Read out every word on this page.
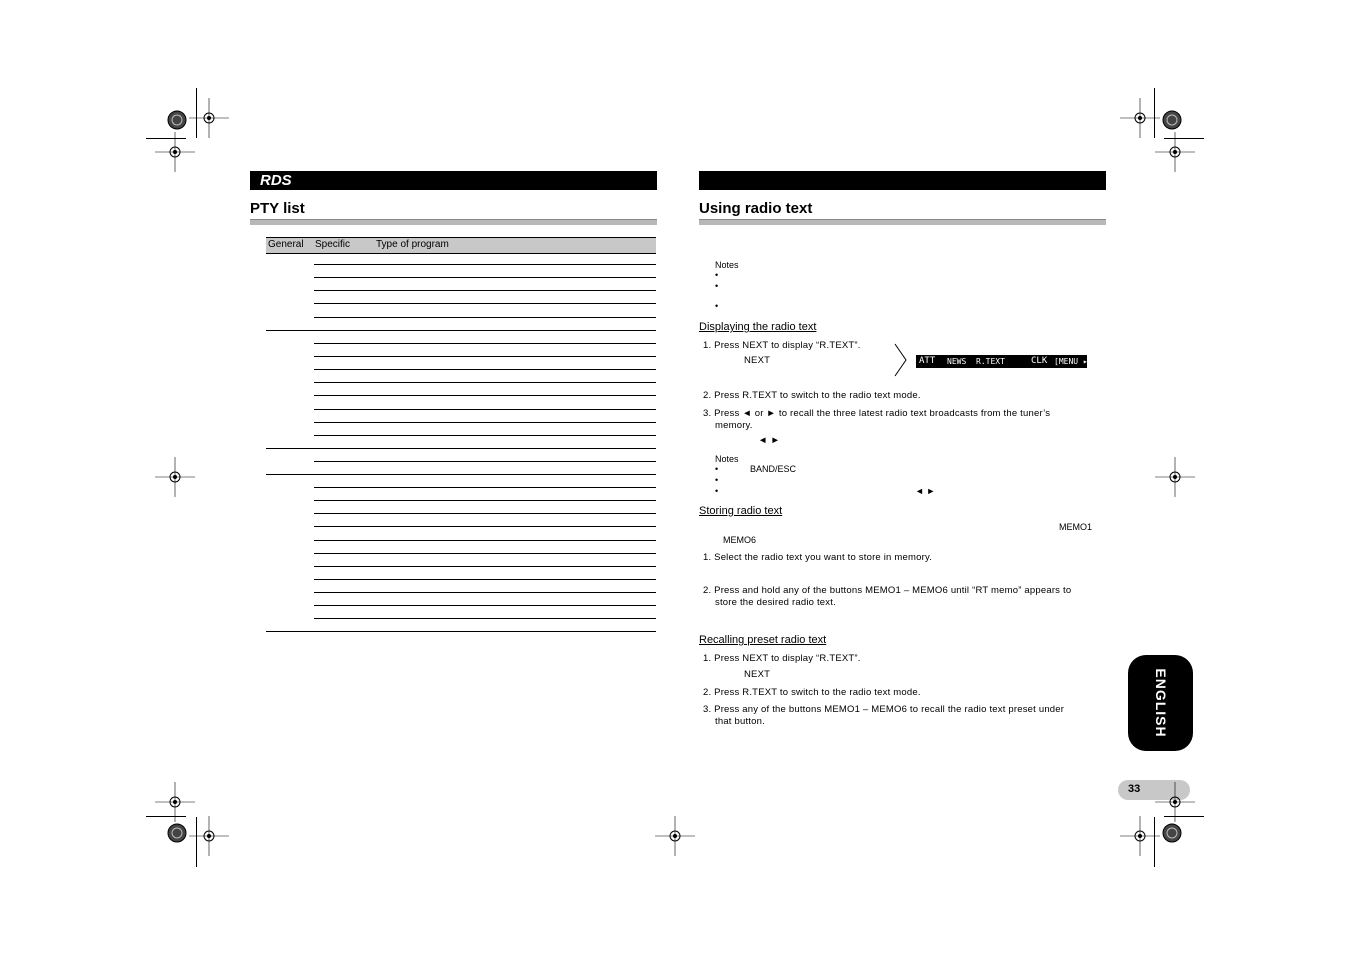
RDS
PTY list
General Specific	Type of program
Using radio text
Notes
•
•
•
Displaying the radio text
1. Press NEXT to display “R.TEXT”.
NEXT	ATT NEWS R.TEXT	CLK [MENU ▸
2. Press R.TEXT to switch to the radio text mode.
3. Press ◄ or ► to recall the three latest radio text broadcasts from the tuner’s
memory.
◄ ►
Notes
•	BAND/ESC
•
•	◄ ►
Storing radio text
MEMO1
MEMO6
1. Select the radio text you want to store in memory.
2. Press and hold any of the buttons MEMO1 – MEMO6 until “RT memo” appears to
store the desired radio text.
Recalling preset radio text
1. Press NEXT to display “R.TEXT”.
NEXT
2. Press R.TEXT to switch to the radio text mode.
3. Press any of the buttons MEMO1 – MEMO6 to recall the radio text preset under
that button.	ENGLISH
33
